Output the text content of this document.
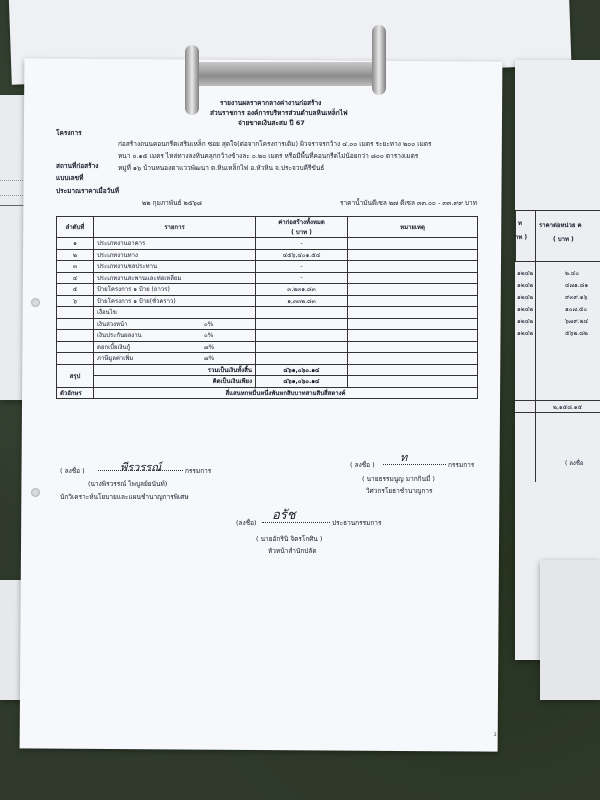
ท
าท )
ราคาต่อหน่วย ค
( บาท )
๑๒๔๒	๒.๔๐
๑๒๔๒	๔๗๑.๘๑
๑๒๔๒	๙๓๙.๑๖
๑๒๔๒	๑๐๗.๕๐
๑๒๔๒	๖๗๙.๒๔
๑๒๔๒	๕๖๒.๘๒
๒,๑๕๘.๑๕
( ลงชื่อ
รายงานผลราคากลางค่างานก่อสร้าง
ส่วนราชการ องค์การบริหารส่วนตำบลหินเหล็กไฟ
จ่ายขาดเงินสะสม ปี 67
โครงการ
ก่อสร้างถนนคอนกรีตเสริมเหล็ก ซอย สุดใจ(ต่อจากโครงการเดิม) ผิวจราจรกว้าง ๔.๐๐ เมตร ระยะทาง ๒๐๐ เมตร
หนา ๐.๑๕ เมตร ไหล่ทางลงหินคลุกกว้างข้างละ ๐.๒๐ เมตร หรือมีพื้นที่คอนกรีตไม่น้อยกว่า ๘๐๐ ตารางเมตร
สถานที่ก่อสร้าง	หมู่ที่ ๑๖ บ้านหนองตาแววพัฒนา ต.หินเหล็กไฟ อ.หัวหิน จ.ประจวบคีรีขันธ์
แบบเลขที่
ประมาณราคาเมื่อวันที่
๒๒ กุมภาพันธ์ ๒๕๖๘	ราคาน้ำมันดีเซล ๒๗ ดีเซล ๓๓.๐๐ - ๓๓.๙๙ บาท
ลำดับที่	รายการ	ค่าก่อสร้างทั้งหมด
( บาท )	หมายเหตุ
๑	ประเภทงานอาคาร	-	
๒	ประเภทงานทาง	๔๕๖,๔๐๑.๕๔	
๓	ประเภทงานชลประทาน	-	
๔	ประเภทงานสะพานและท่อเหลี่ยม	-	
๕	ป้ายโครงการ ๑ ป้าย (ถาวร)	๓,๒๓๑.๘๓	
๖	ป้ายโครงการ ๑ ป้าย(ชั่วคราว)	๑,๓๓๒.๘๓	
	เงื่อนไข		
	เงินล่วงหน้า ๐%		

	เงินประกันผลงาน ๐%		

	ดอกเบี้ยเงินกู้ ๗%		

	ภาษีมูลค่าเพิ่ม ๗%		

สรุป	รวมเป็นเงินทั้งสิ้น	๔๖๑,๐๖๐.๑๔	
	คิดเป็นเงินเพียง	๔๖๑,๐๖๐.๑๔	
ตัวอักษร	สี่แสนหกหมื่นหนึ่งพันหกสิบบาทสามสิบสี่สตางค์		
( ลงชื่อ )	พีรวรรณ์	กรรมการ
(นางพิรวรรณ์ ไพบูลย์ยนันท์)
นักวิเคราะห์นโยบายและแผนชำนาญการพิเศษ
( ลงชื่อ )
ท
กรรมการ
( นายธรรมนูญ มากกินมี่ )
วิศวกรโยธาชำนาญการ
(ลงชื่อ) อรัช	ประธานกรรมการ
( นายอักรินิ จิตรโกศิน )
หัวหน้าสำนักปลัด
2
